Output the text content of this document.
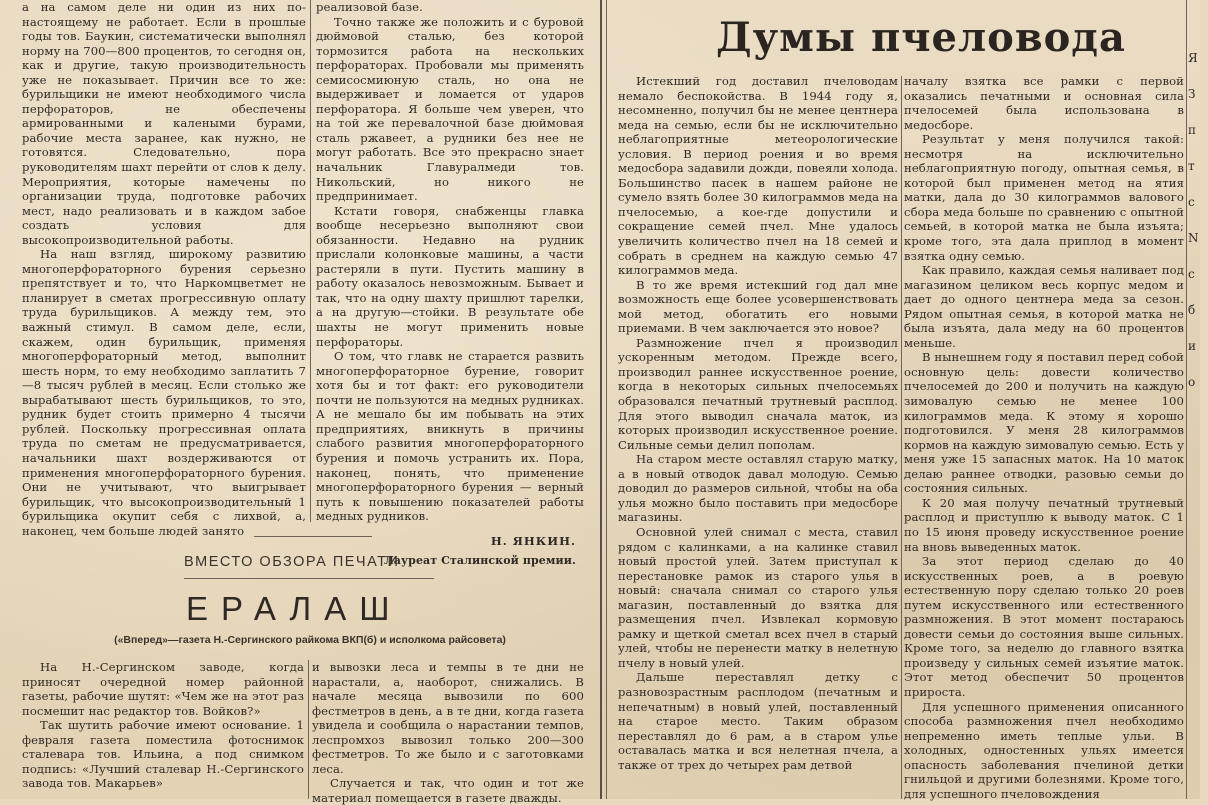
а на самом деле ни один из них по-настоящему не работает. Если в прошлые годы тов. Баукин, систематически выполнял норму на 700—800 процентов, то сегодня он, как и другие, такую производительность уже не показывает. Причин все то же: бурильщики не имеют необходимого числа перфораторов, не обеспечены армированными и калеными бурами, рабочие места заранее, как нужно, не готовятся. Следовательно, пора руководителям шахт перейти от слов к делу. Мероприятия, которые намечены по организации труда, подготовке рабочих мест, надо реализовать и в каждом забое создать условия для высокопроизводительной работы.

На наш взгляд, широкому развитию многоперфораторного бурения серьезно препятствует и то, что Наркомцветмет не планирует в сметах прогрессивную оплату труда бурильщиков. А между тем, это важный стимул. В самом деле, если, скажем, один бурильщик, применяя многоперфораторный метод, выполнит шесть норм, то ему необходимо заплатить 7—8 тысяч рублей в месяц. Если столько же вырабатывают шесть бурильщиков, то это, рудник будет стоить примерно 4 тысячи рублей. Поскольку прогрессивная оплата труда по сметам не предусматривается, начальники шахт воздерживаются от применения многоперфораторного бурения. Они не учитывают, что выигрывает бурильщик, что высокопроизводительный 1 бурильщика окупит себя с лихвой, а, наконец, чем больше людей занято

реализовой базе.

Точно также же положить и с буровой дюймовой сталью, без которой тормозится работа на нескольких перфораторах. Пробовали мы применять семисосмиюную сталь, но она не выдерживает и ломается от ударов перфоратора. Я больше чем уверен, что на той же перевалочной базе дюймовая сталь ржавеет, а рудники без нее не могут работать. Все это прекрасно знает начальник Главуралмеди тов. Никольский, но никого не предпринимает.

Кстати говоря, снабженцы главка вообще несерьезно выполняют свои обязанности. Недавно на рудник прислали колонковые машины, а части растеряли в пути. Пустить машину в работу оказалось невозможным. Бывает и так, что на одну шахту пришлют тарелки, а на другую—стойки. В результате обе шахты не могут применить новые перфораторы.

О том, что главк не старается развить многоперфораторное бурение, говорит хотя бы и тот факт: его руководители почти не пользуются на медных рудниках. А не мешало бы им побывать на этих предприятиях, вникнуть в причины слабого развития многоперфораторного бурения и помочь устранить их. Пора, наконец, понять, что применение многоперфораторного бурения — верный путь к повышению показателей работы медных рудников.

Н. ЯНКИН.
Лауреат Сталинской премии.
ВМЕСТО ОБЗОРА ПЕЧАТИ
ЕРАЛАШ
(«Вперед»—газета Н.-Сергинского райкома ВКП(б) и исполкома райсовета)

На Н.-Сергинском заводе, когда приносят очередной номер районной газеты, рабочие шутят: «Чем же на этот раз посмешит нас редактор тов. Войков?»

Так шутить рабочие имеют основание. 1 февраля газета поместила фотоснимок сталевара тов. Ильина, а под снимком подпись: «Лучший сталевар Н.-Сергинского завода тов. Макарьев»

и вывозки леса и темпы в те дни не нарастали, а, наоборот, снижались. В начале месяца вывозили по 600 фестметров в день, а в те дни, когда газета увидела и сообщила о нарастании темпов, леспромхоз вывозил только 200—300 фестметров. То же было и с заготовками леса.

Случается и так, что один и тот же материал помещается в газете дважды.

Думы пчеловода

Истекший год доставил пчеловодам немало беспокойства. В 1944 году я, несомненно, получил бы не менее центнера меда на семью, если бы не исключительно неблагоприятные метеорологические условия. В период роения и во время медосбора задавили дожди, повеяли холода. Большинство пасек в нашем районе не сумело взять более 30 килограммов меда на пчелосемью, а кое-где допустили и сокращение семей пчел. Мне удалось увеличить количество пчел на 18 семей и собрать в среднем на каждую семью 47 килограммов меда.

В то же время истекший год дал мне возможность еще более усовершенствовать мой метод, обогатить его новыми приемами. В чем заключается это новое?

Размножение пчел я производил ускоренным методом. Прежде всего, производил раннее искусственное роение, когда в некоторых сильных пчелосемьях образовался печатный трутневый расплод. Для этого выводил сначала маток, из которых производил искусственное роение. Сильные семьи делил пополам.

На старом месте оставлял старую матку, а в новый отводок давал молодую. Семью доводил до размеров сильной, чтобы на оба улья можно было поставить при медосборе магазины.

Основной улей снимал с места, ставил рядом с калинками, а на калинке ставил новый простой улей. Затем приступал к перестановке рамок из старого улья в новый: сначала снимал со старого улья магазин, поставленный до взятка для размещения пчел. Извлекал кормовую рамку и щеткой сметал всех пчел в старый улей, чтобы не перенести матку в нелетную пчелу в новый улей.

Дальше переставлял детку с разновозрастным расплодом (печатным и непечатным) в новый улей, поставленный на старое место. Таким образом переставлял до 6 рам, а в старом улье оставалась матка и вся нелетная пчела, а также от трех до четырех рам детвой

началу взятка все рамки с первой оказались печатными и основная сила пчелосемей была использована в медосборе.

Результат у меня получился такой: несмотря на исключительно неблагоприятную погоду, опытная семья, в которой был применен метод на ятия матки, дала до 30 килограммов валового сбора меда больше по сравнению с опытной семьей, в которой матка не была изъята; кроме того, эта дала приплод в момент взятка одну семью.

Как правило, каждая семья наливает под магазином целиком весь корпус медом и дает до одного центнера меда за сезон. Рядом опытная семья, в которой матка не была изъята, дала меду на 60 процентов меньше.

В нынешнем году я поставил перед собой основную цель: довести количество пчелосемей до 200 и получить на каждую зимовалую семью не менее 100 килограммов меда. К этому я хорошо подготовился. У меня 28 килограммов кормов на каждую зимовалую семью. Есть у меня уже 15 запасных маток. На 10 маток делаю раннее отводки, разовью семьи до состояния сильных.

К 20 мая получу печатный трутневый расплод и приступлю к выводу маток. С 1 по 15 июня проведу искусственное роение на вновь выведенных маток.

За этот период сделаю до 40 искусственных роев, а в роевую естественную пору сделаю только 20 роев путем искусственного или естественного размножения. В этот момент постараюсь довести семьи до состояния выше сильных. Кроме того, за неделю до главного взятка произведу у сильных семей изъятие маток. Этот метод обеспечит 50 процентов прироста.

Для успешного применения описанного способа размножения пчел необходимо непременно иметь теплые ульи. В холодных, одностенных ульях имеется опасность заболевания пчелиной детки гнильцой и другими болезнями. Кроме того, для успешного пчеловождения

Я
З
п
т
с
N
с
б
и
о
